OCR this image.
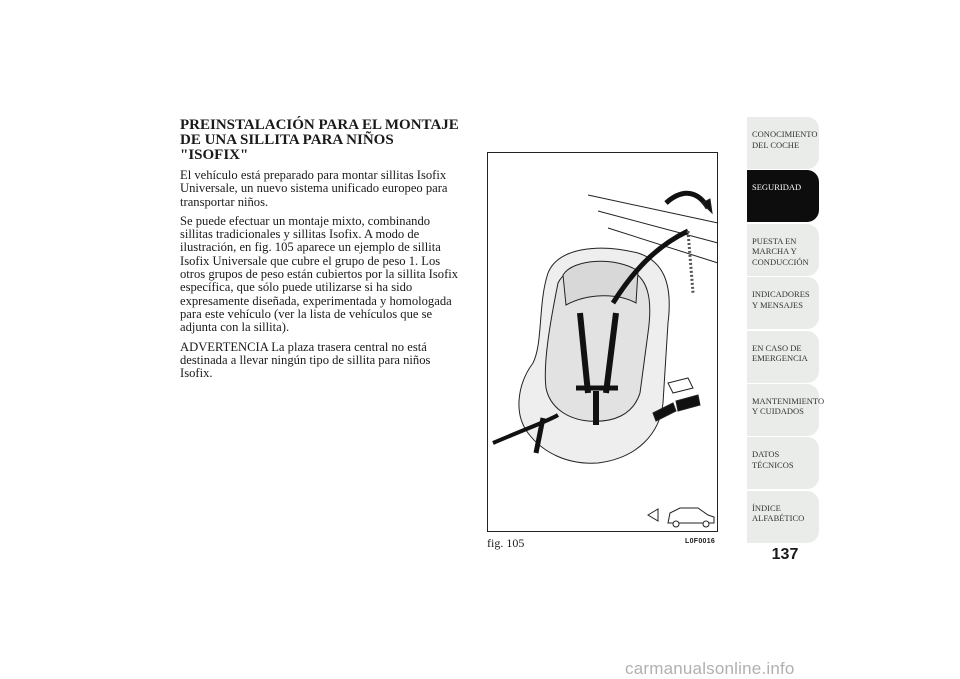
PREINSTALACIÓN PARA EL MONTAJE DE UNA SILLITA PARA NIÑOS "ISOFIX"

El vehículo está preparado para montar sillitas Isofix Universale, un nuevo sistema unificado europeo para transportar niños.

Se puede efectuar un montaje mixto, combinando sillitas tradicionales y sillitas Isofix. A modo de ilustración, en fig. 105 aparece un ejemplo de sillita Isofix Universale que cubre el grupo de peso 1. Los otros grupos de peso están cubiertos por la sillita Isofix específica, que sólo puede utilizarse si ha sido expresamente diseñada, experimentada y homologada para este vehículo (ver la lista de vehículos que se adjunta con la sillita).

ADVERTENCIA La plaza trasera central no está destinada a llevar ningún tipo de sillita para niños Isofix.

fig. 105	L0F0016
CONOCIMIENTO DEL COCHE
SEGURIDAD
PUESTA EN MARCHA Y CONDUCCIÓN
INDICADORES Y MENSAJES
EN CASO DE EMERGENCIA
MANTENIMIENTO Y CUIDADOS
DATOS TÉCNICOS
ÍNDICE ALFABÉTICO
137
carmanualsonline.info
